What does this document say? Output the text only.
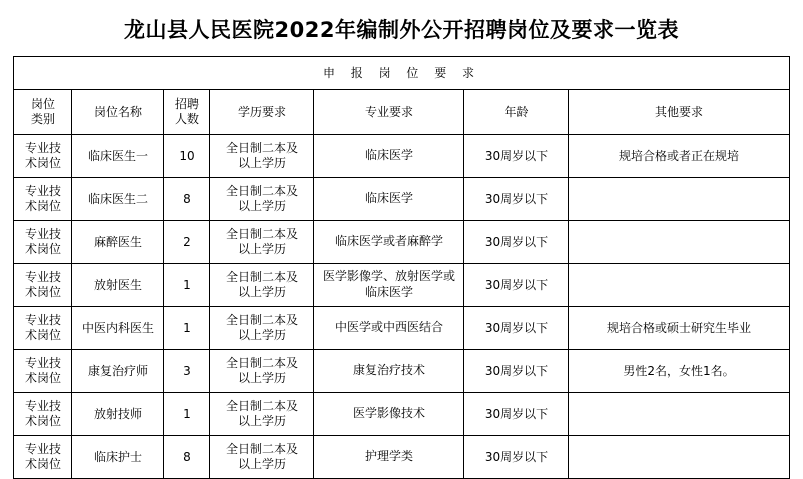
龙山县人民医院2022年编制外公开招聘岗位及要求一览表
申 报 岗 位 要 求						

岗位
类别	岗位名称	招聘
人数	学历要求	专业要求	年龄	其他要求

专业技
术岗位	临床医生一	10	全日制二本及
以上学历	临床医学	30周岁以下	规培合格或者正在规培

专业技
术岗位	临床医生二	8	全日制二本及
以上学历	临床医学	30周岁以下	

专业技
术岗位	麻醉医生	2	全日制二本及
以上学历	临床医学或者麻醉学	30周岁以下	

专业技
术岗位	放射医生	1	全日制二本及
以上学历	医学影像学、放射医学或
临床医学	30周岁以下	

专业技
术岗位	中医内科医生	1	全日制二本及
以上学历	中医学或中西医结合	30周岁以下	规培合格或硕士研究生毕业

专业技
术岗位	康复治疗师	3	全日制二本及
以上学历	康复治疗技术	30周岁以下	男性2名，女性1名。

专业技
术岗位	放射技师	1	全日制二本及
以上学历	医学影像技术	30周岁以下	

专业技
术岗位	临床护士	8	全日制二本及
以上学历	护理学类	30周岁以下	
